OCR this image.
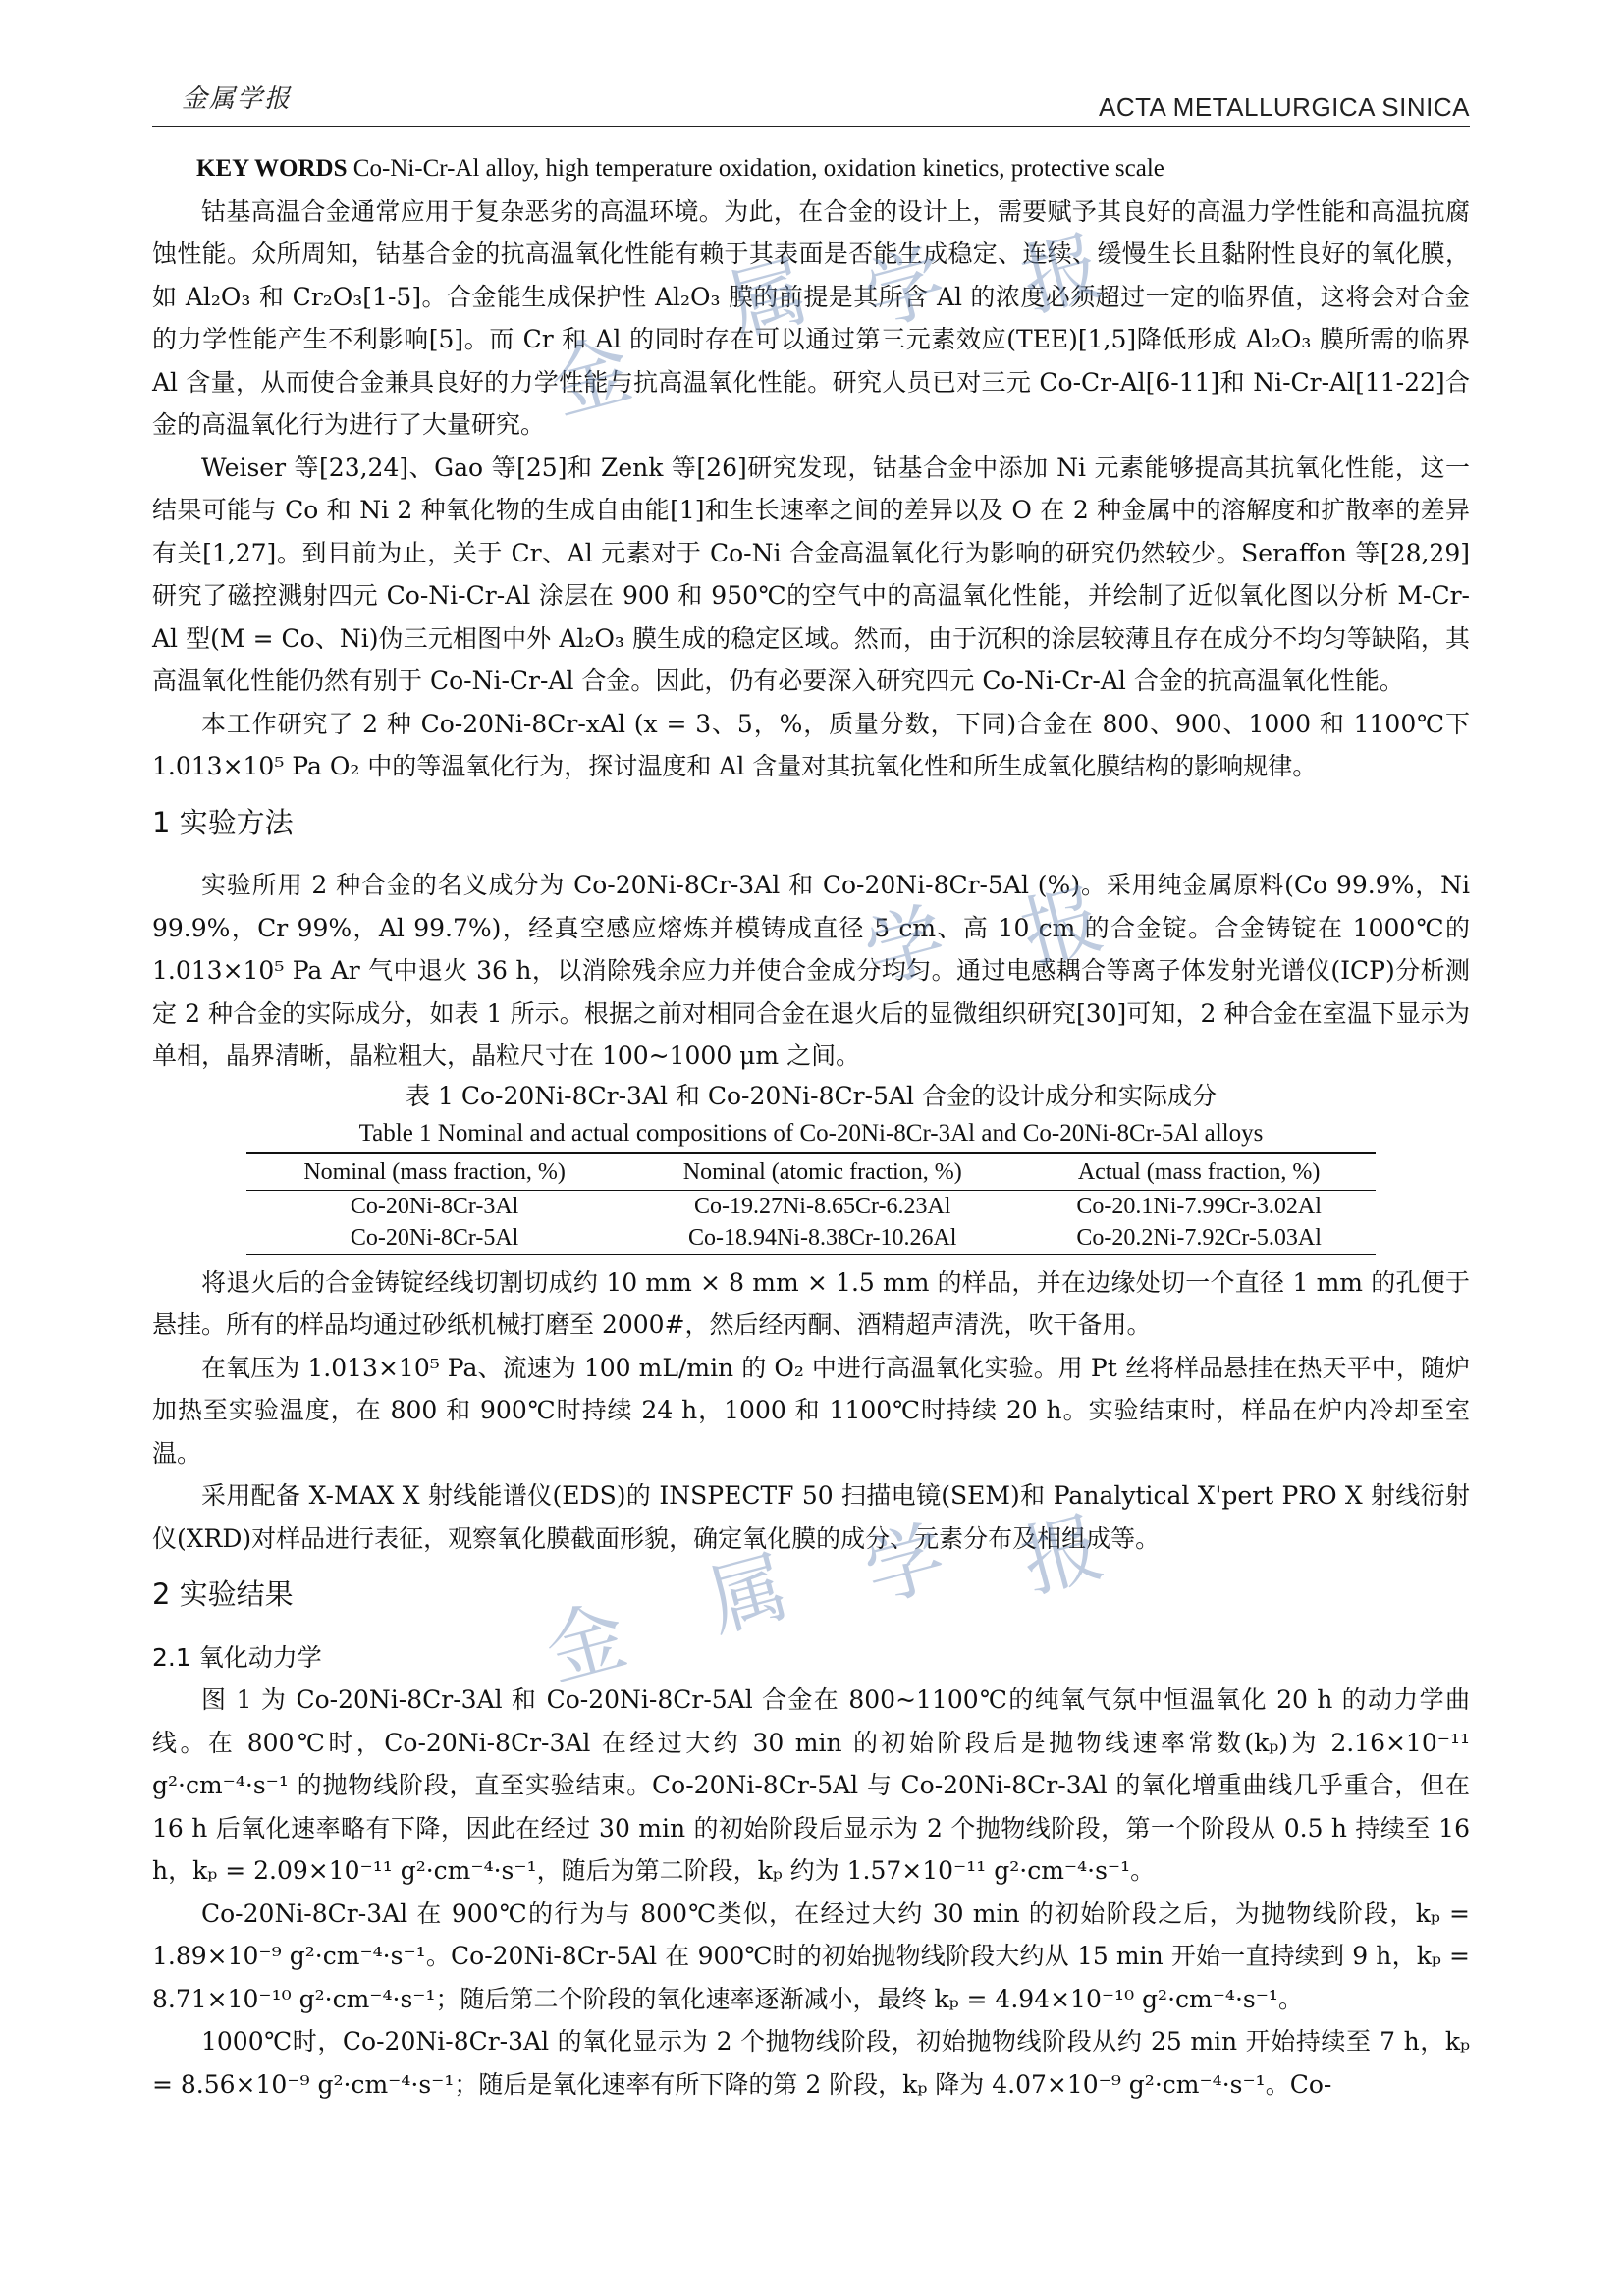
金属学报	ACTA METALLURGICA SINICA

KEY WORDS Co-Ni-Cr-Al alloy, high temperature oxidation, oxidation kinetics, protective scale

钴基高温合金通常应用于复杂恶劣的高温环境。为此，在合金的设计上，需要赋予其良好的高温力学性能和高温抗腐蚀性能。众所周知，钴基合金的抗高温氧化性能有赖于其表面是否能生成稳定、连续、缓慢生长且黏附性良好的氧化膜，如 Al₂O₃ 和 Cr₂O₃[1-5]。合金能生成保护性 Al₂O₃ 膜的前提是其所含 Al 的浓度必须超过一定的临界值，这将会对合金的力学性能产生不利影响[5]。而 Cr 和 Al 的同时存在可以通过第三元素效应(TEE)[1,5]降低形成 Al₂O₃ 膜所需的临界 Al 含量，从而使合金兼具良好的力学性能与抗高温氧化性能。研究人员已对三元 Co-Cr-Al[6-11]和 Ni-Cr-Al[11-22]合金的高温氧化行为进行了大量研究。

Weiser 等[23,24]、Gao 等[25]和 Zenk 等[26]研究发现，钴基合金中添加 Ni 元素能够提高其抗氧化性能，这一结果可能与 Co 和 Ni 2 种氧化物的生成自由能[1]和生长速率之间的差异以及 O 在 2 种金属中的溶解度和扩散率的差异有关[1,27]。到目前为止，关于 Cr、Al 元素对于 Co-Ni 合金高温氧化行为影响的研究仍然较少。Seraffon 等[28,29]研究了磁控溅射四元 Co-Ni-Cr-Al 涂层在 900 和 950℃的空气中的高温氧化性能，并绘制了近似氧化图以分析 M-Cr-Al 型(M = Co、Ni)伪三元相图中外 Al₂O₃ 膜生成的稳定区域。然而，由于沉积的涂层较薄且存在成分不均匀等缺陷，其高温氧化性能仍然有别于 Co-Ni-Cr-Al 合金。因此，仍有必要深入研究四元 Co-Ni-Cr-Al 合金的抗高温氧化性能。

本工作研究了 2 种 Co-20Ni-8Cr-xAl (x = 3、5，%，质量分数，下同)合金在 800、900、1000 和 1100℃下 1.013×10⁵ Pa O₂ 中的等温氧化行为，探讨温度和 Al 含量对其抗氧化性和所生成氧化膜结构的影响规律。

1 实验方法

实验所用 2 种合金的名义成分为 Co-20Ni-8Cr-3Al 和 Co-20Ni-8Cr-5Al (%)。采用纯金属原料(Co 99.9%，Ni 99.9%，Cr 99%，Al 99.7%)，经真空感应熔炼并模铸成直径 5 cm、高 10 cm 的合金锭。合金铸锭在 1000℃的 1.013×10⁵ Pa Ar 气中退火 36 h，以消除残余应力并使合金成分均匀。通过电感耦合等离子体发射光谱仪(ICP)分析测定 2 种合金的实际成分，如表 1 所示。根据之前对相同合金在退火后的显微组织研究[30]可知，2 种合金在室温下显示为单相，晶界清晰，晶粒粗大，晶粒尺寸在 100~1000 μm 之间。

表 1 Co-20Ni-8Cr-3Al 和 Co-20Ni-8Cr-5Al 合金的设计成分和实际成分
Table 1 Nominal and actual compositions of Co-20Ni-8Cr-3Al and Co-20Ni-8Cr-5Al alloys
Nominal (mass fraction, %)	Nominal (atomic fraction, %)	Actual (mass fraction, %)
Co-20Ni-8Cr-3Al	Co-19.27Ni-8.65Cr-6.23Al	Co-20.1Ni-7.99Cr-3.02Al
Co-20Ni-8Cr-5Al	Co-18.94Ni-8.38Cr-10.26Al	Co-20.2Ni-7.92Cr-5.03Al

将退火后的合金铸锭经线切割切成约 10 mm × 8 mm × 1.5 mm 的样品，并在边缘处切一个直径 1 mm 的孔便于悬挂。所有的样品均通过砂纸机械打磨至 2000#，然后经丙酮、酒精超声清洗，吹干备用。

在氧压为 1.013×10⁵ Pa、流速为 100 mL/min 的 O₂ 中进行高温氧化实验。用 Pt 丝将样品悬挂在热天平中，随炉加热至实验温度，在 800 和 900℃时持续 24 h，1000 和 1100℃时持续 20 h。实验结束时，样品在炉内冷却至室温。

采用配备 X-MAX X 射线能谱仪(EDS)的 INSPECTF 50 扫描电镜(SEM)和 Panalytical X'pert PRO X 射线衍射仪(XRD)对样品进行表征，观察氧化膜截面形貌，确定氧化膜的成分、元素分布及相组成等。

2 实验结果
2.1 氧化动力学

图 1 为 Co-20Ni-8Cr-3Al 和 Co-20Ni-8Cr-5Al 合金在 800~1100℃的纯氧气氛中恒温氧化 20 h 的动力学曲线。在 800℃时，Co-20Ni-8Cr-3Al 在经过大约 30 min 的初始阶段后是抛物线速率常数(kₚ)为 2.16×10⁻¹¹ g²·cm⁻⁴·s⁻¹ 的抛物线阶段，直至实验结束。Co-20Ni-8Cr-5Al 与 Co-20Ni-8Cr-3Al 的氧化增重曲线几乎重合，但在 16 h 后氧化速率略有下降，因此在经过 30 min 的初始阶段后显示为 2 个抛物线阶段，第一个阶段从 0.5 h 持续至 16 h，kₚ = 2.09×10⁻¹¹ g²·cm⁻⁴·s⁻¹，随后为第二阶段，kₚ 约为 1.57×10⁻¹¹ g²·cm⁻⁴·s⁻¹。

Co-20Ni-8Cr-3Al 在 900℃的行为与 800℃类似，在经过大约 30 min 的初始阶段之后，为抛物线阶段，kₚ = 1.89×10⁻⁹ g²·cm⁻⁴·s⁻¹。Co-20Ni-8Cr-5Al 在 900℃时的初始抛物线阶段大约从 15 min 开始一直持续到 9 h，kₚ = 8.71×10⁻¹⁰ g²·cm⁻⁴·s⁻¹；随后第二个阶段的氧化速率逐渐减小，最终 kₚ = 4.94×10⁻¹⁰ g²·cm⁻⁴·s⁻¹。

1000℃时，Co-20Ni-8Cr-3Al 的氧化显示为 2 个抛物线阶段，初始抛物线阶段从约 25 min 开始持续至 7 h，kₚ = 8.56×10⁻⁹ g²·cm⁻⁴·s⁻¹；随后是氧化速率有所下降的第 2 阶段，kₚ 降为 4.07×10⁻⁹ g²·cm⁻⁴·s⁻¹。Co-

金
属 学 报
金 属 学 报
学 报
